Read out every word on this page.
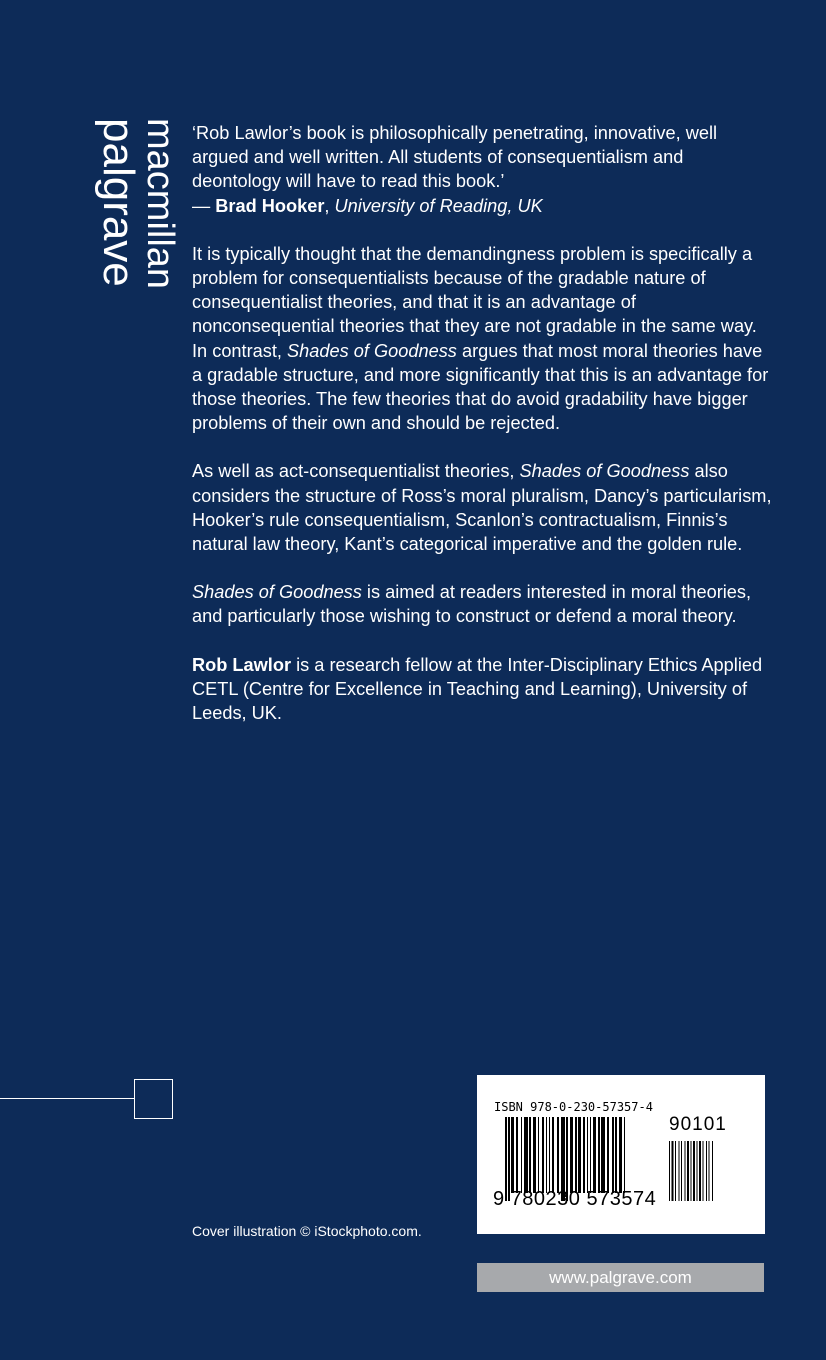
palgrave
macmillan ‘Rob Lawlor’s book is philosophically penetrating, innovative, well argued and well written. All students of consequentialism and deontology will have to read this book.’
— Brad Hooker, University of Reading, UK

It is typically thought that the demandingness problem is specifically a problem for consequentialists because of the gradable nature of consequentialist theories, and that it is an advantage of nonconsequential theories that they are not gradable in the same way. In contrast, Shades of Goodness argues that most moral theories have a gradable structure, and more significantly that this is an advantage for those theories. The few theories that do avoid gradability have bigger problems of their own and should be rejected.

As well as act-consequentialist theories, Shades of Goodness also considers the structure of Ross’s moral pluralism, Dancy’s particularism, Hooker’s rule consequentialism, Scanlon’s contractualism, Finnis’s natural law theory, Kant’s categorical imperative and the golden rule.

Shades of Goodness is aimed at readers interested in moral theories, and particularly those wishing to construct or defend a moral theory.

Rob Lawlor is a research fellow at the Inter-Disciplinary Ethics Applied CETL (Centre for Excellence in Teaching and Learning), University of Leeds, UK.

Cover illustration © iStockphoto.com.
ISBN 978-0-230-57357-4
90101
9 780230 573574
www.palgrave.com
